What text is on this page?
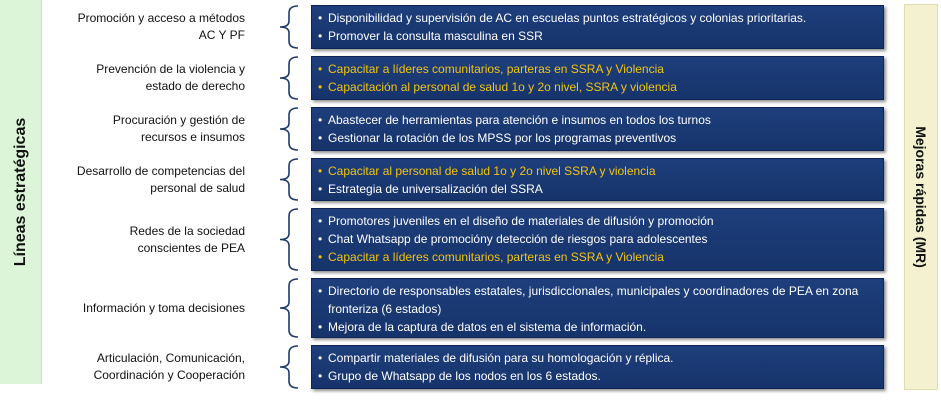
Líneas estratégicas	Mejoras rápidas (MR)
Promoción y acceso a métodos
AC Y PF
• Disponibilidad y supervisión de AC en escuelas puntos estratégicos y colonias prioritarias.
• Promover la consulta masculina en SSR
Prevención de la violencia y
estado de derecho
• Capacitar a líderes comunitarios, parteras en SSRA y Violencia
• Capacitación al personal de salud 1o y 2o nivel, SSRA y violencia
Procuración y gestión de
recursos e insumos
• Abastecer de herramientas para atención e insumos en todos los turnos
• Gestionar la rotación de los MPSS por los programas preventivos
Desarrollo de competencias del
personal de salud
• Capacitar al personal de salud 1o y 2o nivel SSRA y violencia
• Estrategia de universalización del SSRA
Redes de la sociedad
conscientes de PEA
• Promotores juveniles en el diseño de materiales de difusión y promoción
• Chat Whatsapp de promocióny detección de riesgos para adolescentes
• Capacitar a líderes comunitarios, parteras en SSRA y Violencia
Información y toma decisiones
• Directorio de responsables estatales, jurisdiccionales, municipales y coordinadores de PEA en zona fronteriza (6 estados)
• Mejora de la captura de datos en el sistema de información.
Articulación, Comunicación,
Coordinación y Cooperación
• Compartir materiales de difusión para su homologación y réplica.
• Grupo de Whatsapp de los nodos en los 6 estados.
